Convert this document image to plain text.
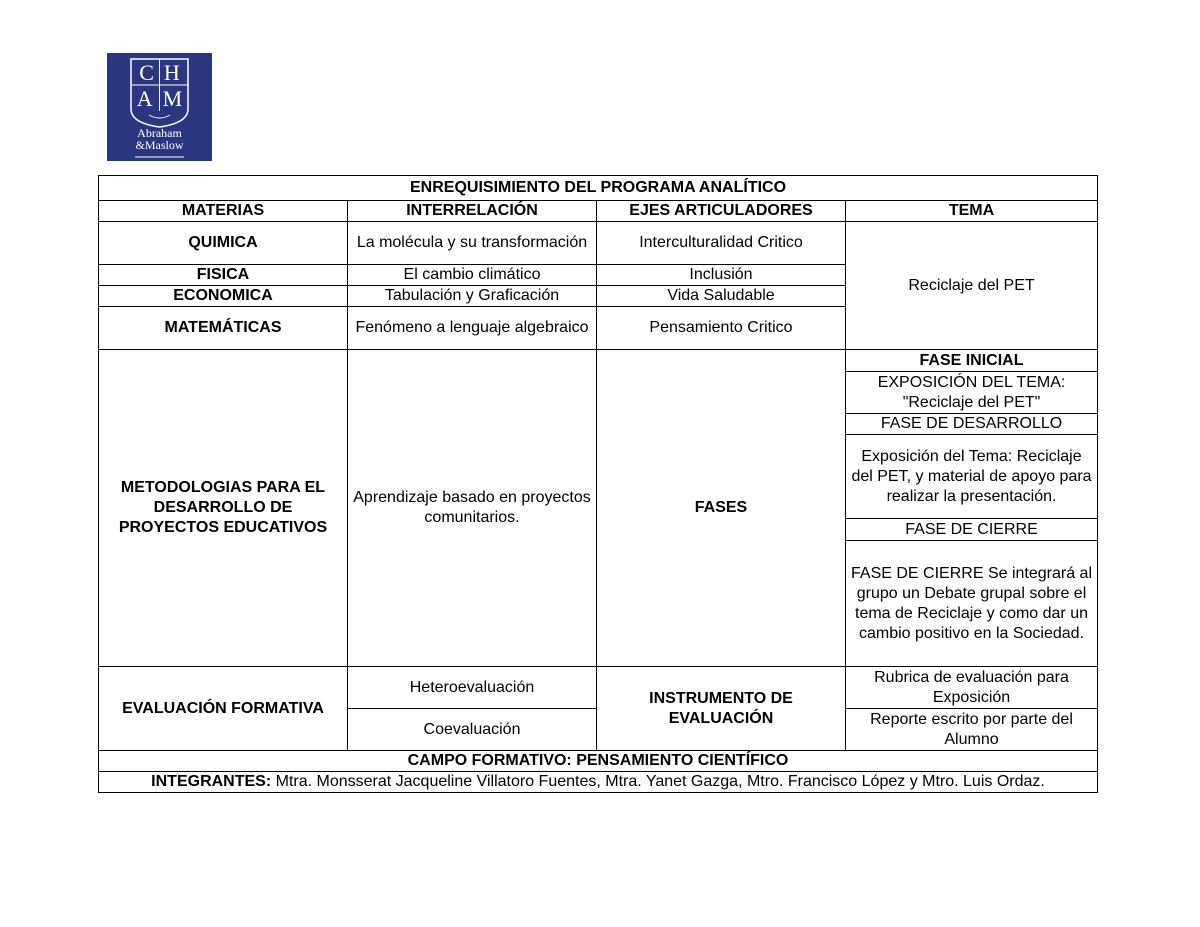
CH
AM
Abraham
&Maslow
ENREQUISIMIENTO DEL PROGRAMA ANALÍTICO			
MATERIAS	INTERRELACIÓN	EJES ARTICULADORES	TEMA
QUIMICA	La molécula y su transformación	Interculturalidad Critico	Reciclaje del PET
FISICA	El cambio climático	Inclusión	
ECONOMICA	Tabulación y Graficación	Vida Saludable	
MATEMÁTICAS	Fenómeno a lenguaje algebraico	Pensamiento Critico	
METODOLOGIAS PARA EL DESARROLLO DE PROYECTOS EDUCATIVOS	Aprendizaje basado en proyectos comunitarios.	FASES	FASE INICIAL
			EXPOSICIÓN DEL TEMA: "Reciclaje del PET"
			FASE DE DESARROLLO
			Exposición del Tema: Reciclaje del PET, y material de apoyo para realizar la presentación.
			FASE DE CIERRE
			FASE DE CIERRE Se integrará al grupo un Debate grupal sobre el tema de Reciclaje y como dar un cambio positivo en la Sociedad.
EVALUACIÓN FORMATIVA	Heteroevaluación	INSTRUMENTO DE EVALUACIÓN	Rubrica de evaluación para Exposición
	Coevaluación		Reporte escrito por parte del Alumno
CAMPO FORMATIVO: PENSAMIENTO CIENTÍFICO			
INTEGRANTES: Mtra. Monsserat Jacqueline Villatoro Fuentes, Mtra. Yanet Gazga, Mtro. Francisco López y Mtro. Luis Ordaz.			
